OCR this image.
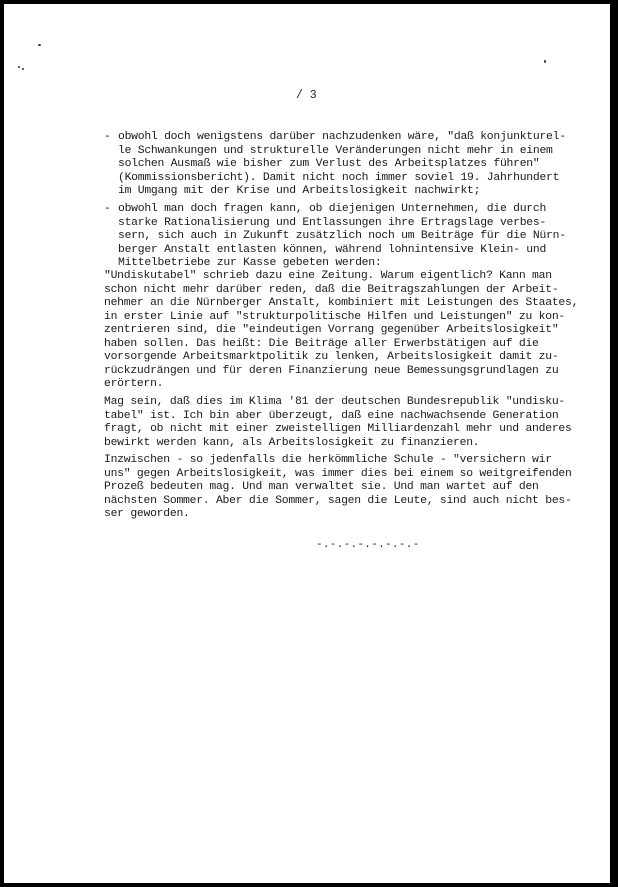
/ 3
- obwohl doch wenigstens darüber nachzudenken wäre, "daß konjunkturel-
le Schwankungen und strukturelle Veränderungen nicht mehr in einem
solchen Ausmaß wie bisher zum Verlust des Arbeitsplatzes führen"
(Kommissionsbericht). Damit nicht noch immer soviel 19. Jahrhundert
im Umgang mit der Krise und Arbeitslosigkeit nachwirkt;
- obwohl man doch fragen kann, ob diejenigen Unternehmen, die durch
starke Rationalisierung und Entlassungen ihre Ertragslage verbes-
sern, sich auch in Zukunft zusätzlich noch um Beiträge für die Nürn-
berger Anstalt entlasten können, während lohnintensive Klein- und
Mittelbetriebe zur Kasse gebeten werden:
"Undiskutabel" schrieb dazu eine Zeitung. Warum eigentlich? Kann man
schon nicht mehr darüber reden, daß die Beitragszahlungen der Arbeit-
nehmer an die Nürnberger Anstalt, kombiniert mit Leistungen des Staates,
in erster Linie auf "strukturpolitische Hilfen und Leistungen" zu kon-
zentrieren sind, die "eindeutigen Vorrang gegenüber Arbeitslosigkeit"
haben sollen. Das heißt: Die Beiträge aller Erwerbstätigen auf die
vorsorgende Arbeitsmarktpolitik zu lenken, Arbeitslosigkeit damit zu-
rückzudrängen und für deren Finanzierung neue Bemessungsgrundlagen zu
erörtern.
Mag sein, daß dies im Klima '81 der deutschen Bundesrepublik "undisku-
tabel" ist. Ich bin aber überzeugt, daß eine nachwachsende Generation
fragt, ob nicht mit einer zweistelligen Milliardenzahl mehr und anderes
bewirkt werden kann, als Arbeitslosigkeit zu finanzieren.
Inzwischen - so jedenfalls die herkömmliche Schule - "versichern wir
uns" gegen Arbeitslosigkeit, was immer dies bei einem so weitgreifenden
Prozeß bedeuten mag. Und man verwaltet sie. Und man wartet auf den
nächsten Sommer. Aber die Sommer, sagen die Leute, sind auch nicht bes-
ser geworden.
-.-.-.-.-.-.-.-
